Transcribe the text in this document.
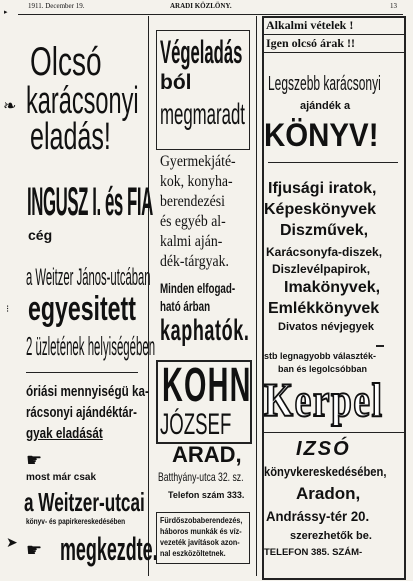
1911. December 19.	ARADI KÖZLÖNY.	13
▸
Olcsó
karácsonyi
eladás!
❧
INGUSZ I. és FIA
cég
a Weitzer János-utcában
egyesitett
⁝
2 üzletének helyiségében
óriási mennyiségü ka-
rácsonyi ajándéktár-
gyak eladását
☛
most már csak
a Weitzer-utcai
könyv- és papirkereskedésében
➤ ☛ megkezdte.
Végeladás
ból
megmaradt
Gyermekjáté-
kok, konyha-
berendezési
és egyéb al-
kalmi aján-
dék-tárgyak.
Minden elfogad-
ható árban
kaphatók.
KOHN
JÓZSEF
ARAD,
Batthyány-utca 32. sz.
Telefon szám 333.
Fürdőszobaberendezés,
háboros munkák és víz-
vezeték javítások azon-
nal eszközöltetnek.
Alkalmi vételek !
Igen olcsó árak !!
Legszebb karácsonyi
ajándék a
KÖNYV!
Ifjusági iratok,
Képeskönyvek
Diszművek,
Karácsonyfa-diszek,
Diszlevélpapirok,
Imakönyvek,
Emlékkönyvek
Divatos névjegyek
stb legnagyobb választék-
ban és legolcsóbban
Kerpel
IZSÓ
könyvkereskedésében,
Aradon,
Andrássy-tér 20.
szerezhetők be.
TELEFON 385. SZÁM-
